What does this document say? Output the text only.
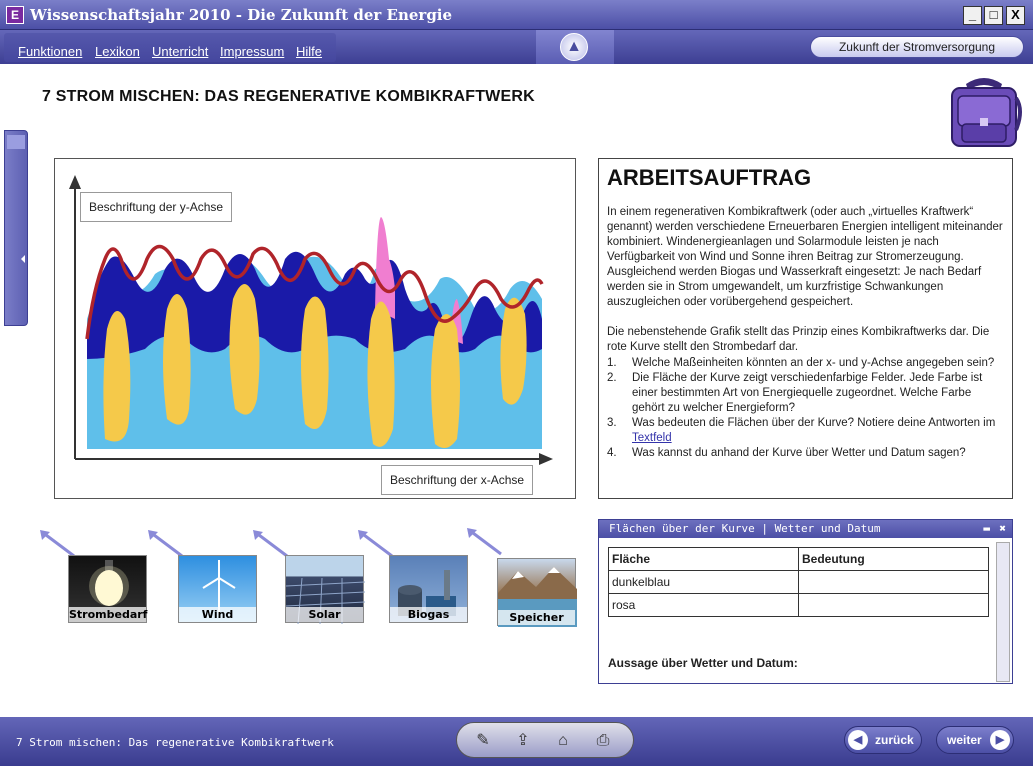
E Wissenschaftsjahr 2010 - Die Zukunft der Energie	_	□	X
Funktionen Lexikon Unterricht Impressum Hilfe	▲	Zukunft der Stromversorgung
7 STROM MISCHEN: DAS REGENERATIVE KOMBIKRAFTWERK
Beschriftung der y-Achse
Beschriftung der x-Achse
ARBEITSAUFTRAG

In einem regenerativen Kombikraftwerk (oder auch „virtuelles Kraftwerk“ genannt) werden verschiedene Erneuerbaren Energien intelligent miteinander kombiniert. Windenergieanlagen und Solarmodule leisten je nach Verfügbarkeit von Wind und Sonne ihren Beitrag zur Stromerzeugung. Ausgleichend werden Biogas und Wasserkraft eingesetzt: Je nach Bedarf werden sie in Strom umgewandelt, um kurzfristige Schwankungen auszugleichen oder vorübergehend gespeichert.

Die nebenstehende Grafik stellt das Prinzip eines Kombikraftwerks dar. Die rote Kurve stellt den Strombedarf dar.

1. Welche Maßeinheiten könnten an der x- und y-Achse angegeben sein?
2. Die Fläche der Kurve zeigt verschiedenfarbige Felder. Jede Farbe ist einer bestimmten Art von Energiequelle zugeordnet. Welche Farbe gehört zu welcher Energieform?
3. Was bedeuten die Flächen über der Kurve? Notiere deine Antworten im Textfeld
4. Was kannst du anhand der Kurve über Wetter und Datum sagen?
Strombedarf	Wind	Solar	Biogas	Speicher
Flächen über der Kurve | Wetter und Datum	▬ ✖
Fläche	Bedeutung
dunkelblau	
rosa	
Aussage über Wetter und Datum:
7 Strom mischen: Das regenerative Kombikraftwerk	✎	⇪	⌂	⎙	◀	zurück	weiter	▶
